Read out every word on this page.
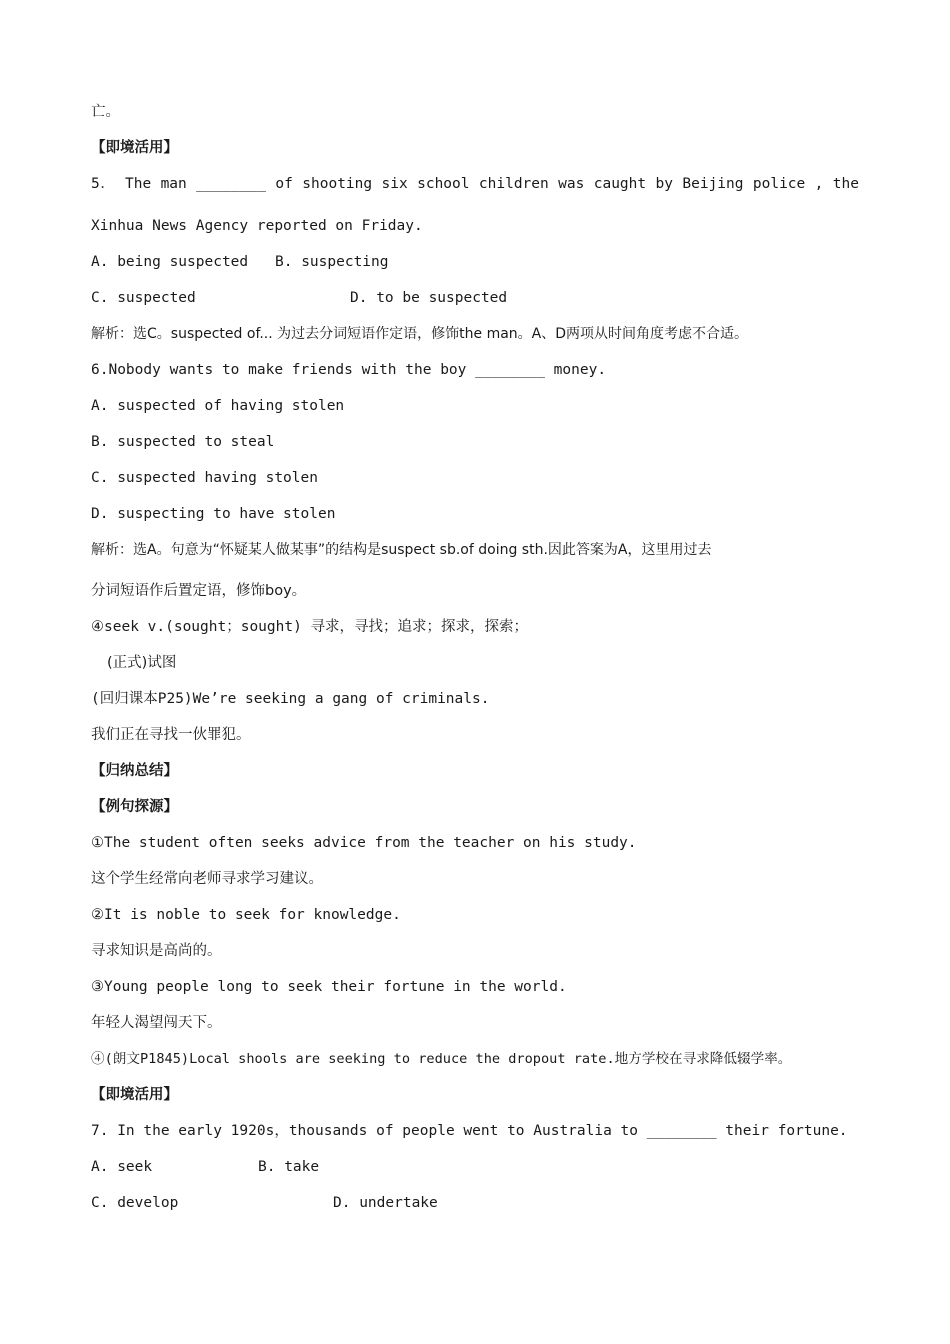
亡。
【即境活用】
5． The man ________ of shooting six school children was caught by Beijing police , the
Xinhua News Agency reported on Friday.
A. being suspected B. suspecting
C. suspected	D. to be suspected
解析：选C。suspected of... 为过去分词短语作定语，修饰the man。A、D两项从时间角度考虑不合适。
6.Nobody wants to make friends with the boy ________ money.
A. suspected of having stolen
B. suspected to steal
C. suspected having stolen
D. suspecting to have stolen
解析：选A。句意为“怀疑某人做某事”的结构是suspect sb.of doing sth.因此答案为A，这里用过去
分词短语作后置定语，修饰boy。
④seek v.(sought；sought) 寻求，寻找；追求；探求，探索；
(正式)试图
(回归课本P25)We’re seeking a gang of criminals.
我们正在寻找一伙罪犯。
【归纳总结】
【例句探源】
①The student often seeks advice from the teacher on his study.
这个学生经常向老师寻求学习建议。
②It is noble to seek for knowledge.
寻求知识是高尚的。
③Young people long to seek their fortune in the world.
年轻人渴望闯天下。
④(朗文P1845)Local shools are seeking to reduce the dropout rate.地方学校在寻求降低辍学率。
【即境活用】
7. In the early 1920s，thousands of people went to Australia to ________ their fortune.
A. seek	B. take
C. develop	D. undertake
